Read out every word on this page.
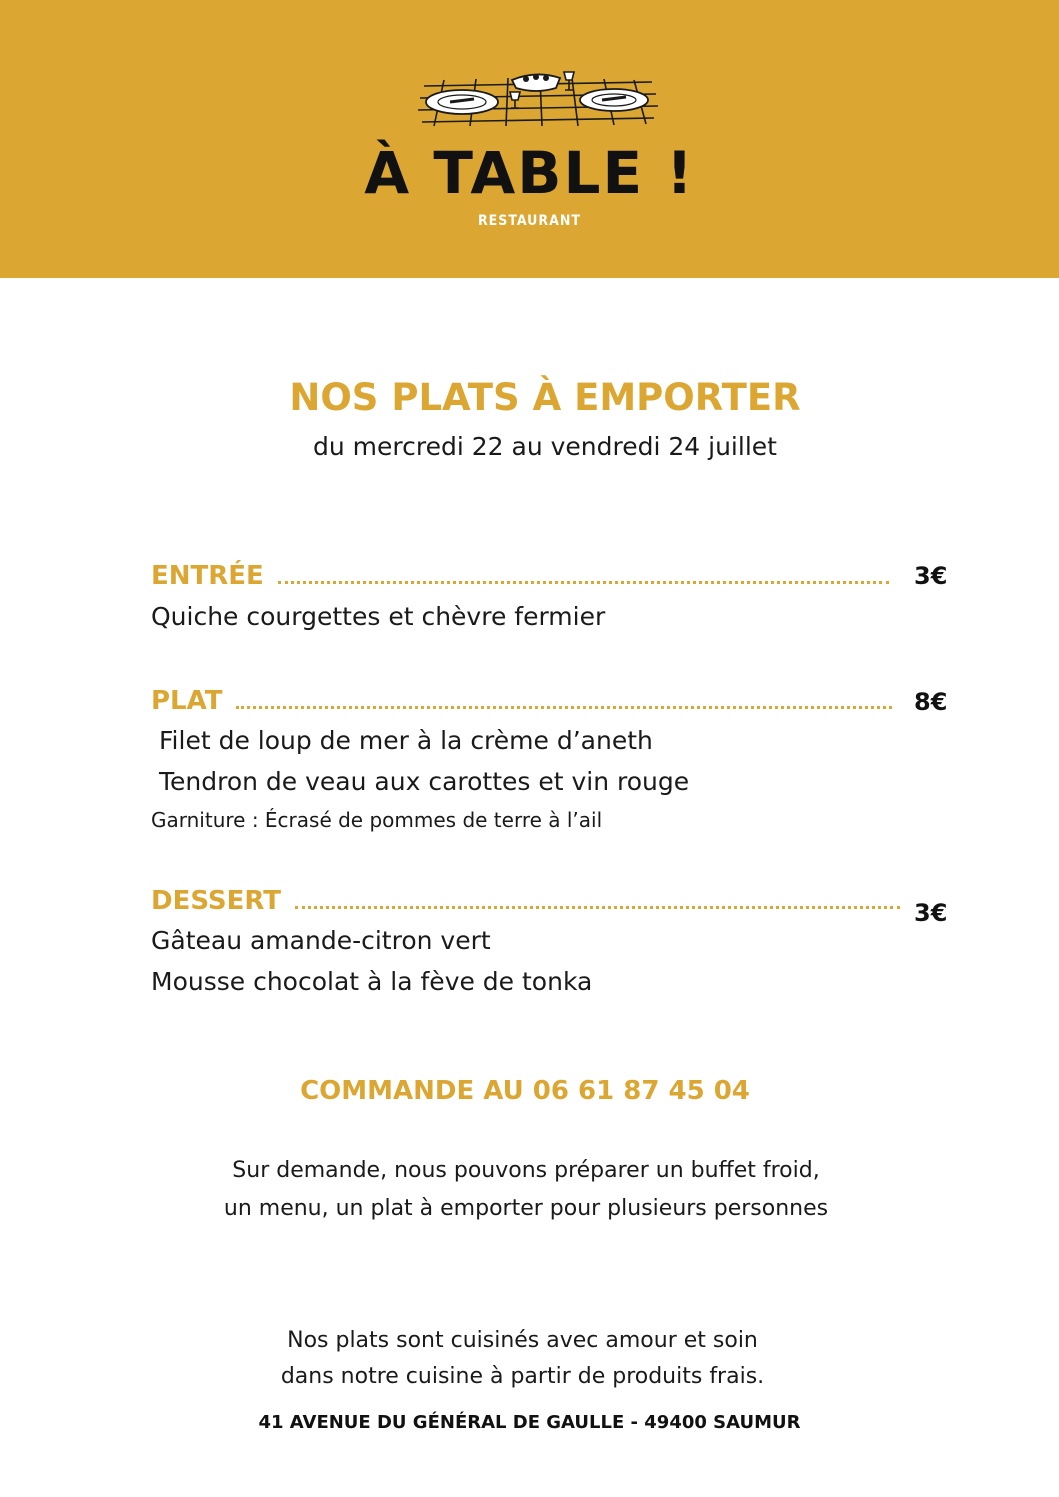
À TABLE !
RESTAURANT
NOS PLATS À EMPORTER
du mercredi 22 au vendredi 24 juillet
ENTRÉE	3€
Quiche courgettes et chèvre fermier
PLAT	8€
Filet de loup de mer à la crème d’aneth
Tendron de veau aux carottes et vin rouge
Garniture : Écrasé de pommes de terre à l’ail
DESSERT	3€
Gâteau amande-citron vert
Mousse chocolat à la fève de tonka
COMMANDE AU 06 61 87 45 04
Sur demande, nous pouvons préparer un buffet froid,
un menu, un plat à emporter pour plusieurs personnes
Nos plats sont cuisinés avec amour et soin
dans notre cuisine à partir de produits frais.
41 AVENUE DU GÉNÉRAL DE GAULLE - 49400 SAUMUR
